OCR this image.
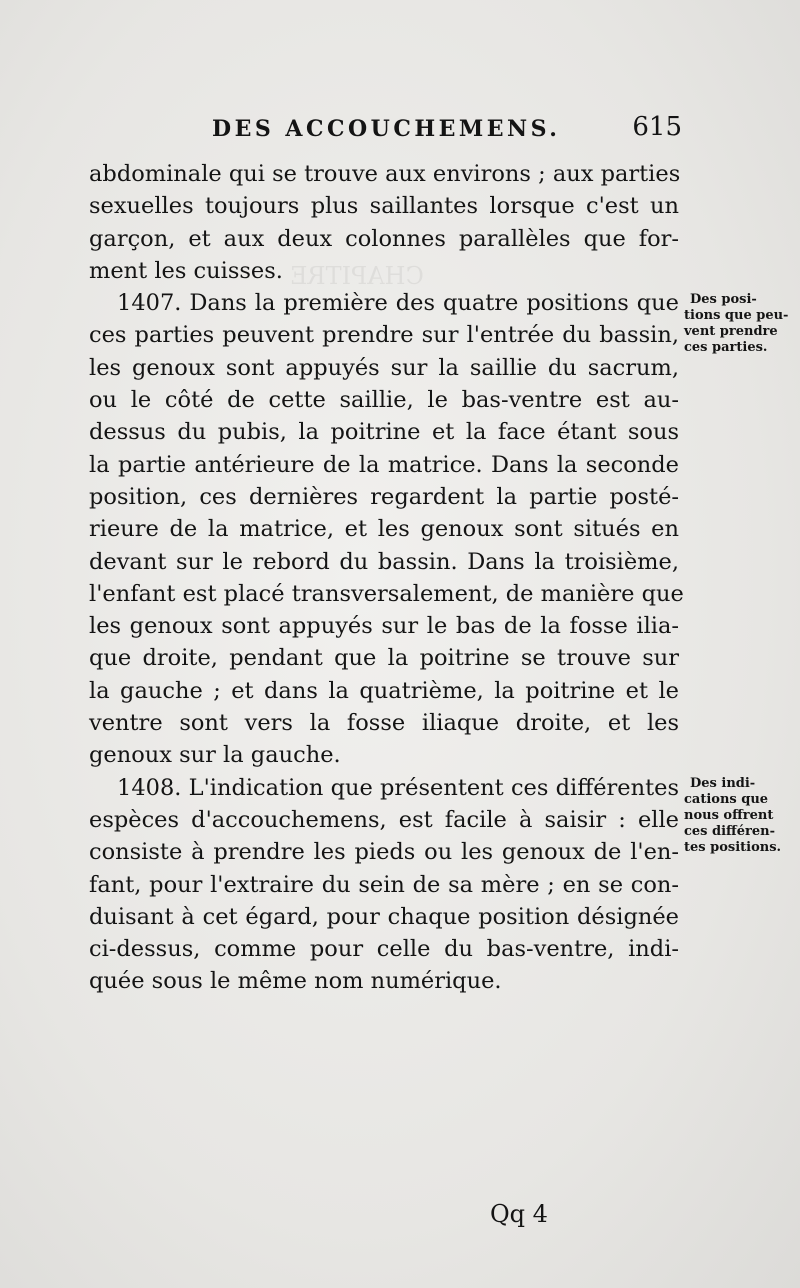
CHAPITRE
DES ACCOUCHEMENS.	615
abdominale qui se trouve aux environs ; aux parties
sexuelles toujours plus saillantes lorsque c'est un
garçon, et aux deux colonnes parallèles que for-
ment les cuisses.
1407. Dans la première des quatre positions que
ces parties peuvent prendre sur l'entrée du bassin,
les genoux sont appuyés sur la saillie du sacrum,
ou le côté de cette saillie, le bas-ventre est au-
dessus du pubis, la poitrine et la face étant sous
la partie antérieure de la matrice. Dans la seconde
position, ces dernières regardent la partie posté-
rieure de la matrice, et les genoux sont situés en
devant sur le rebord du bassin. Dans la troisième,
l'enfant est placé transversalement, de manière que
les genoux sont appuyés sur le bas de la fosse ilia-
que droite, pendant que la poitrine se trouve sur
la gauche ; et dans la quatrième, la poitrine et le
ventre sont vers la fosse iliaque droite, et les
genoux sur la gauche.
1408. L'indication que présentent ces différentes
espèces d'accouchemens, est facile à saisir : elle
consiste à prendre les pieds ou les genoux de l'en-
fant, pour l'extraire du sein de sa mère ; en se con-
duisant à cet égard, pour chaque position désignée
ci-dessus, comme pour celle du bas-ventre, indi-
quée sous le même nom numérique.
Des posi-
tions que peu-
vent prendre
ces parties.
Des indi-
cations que
nous offrent
ces différen-
tes positions.
Qq 4
